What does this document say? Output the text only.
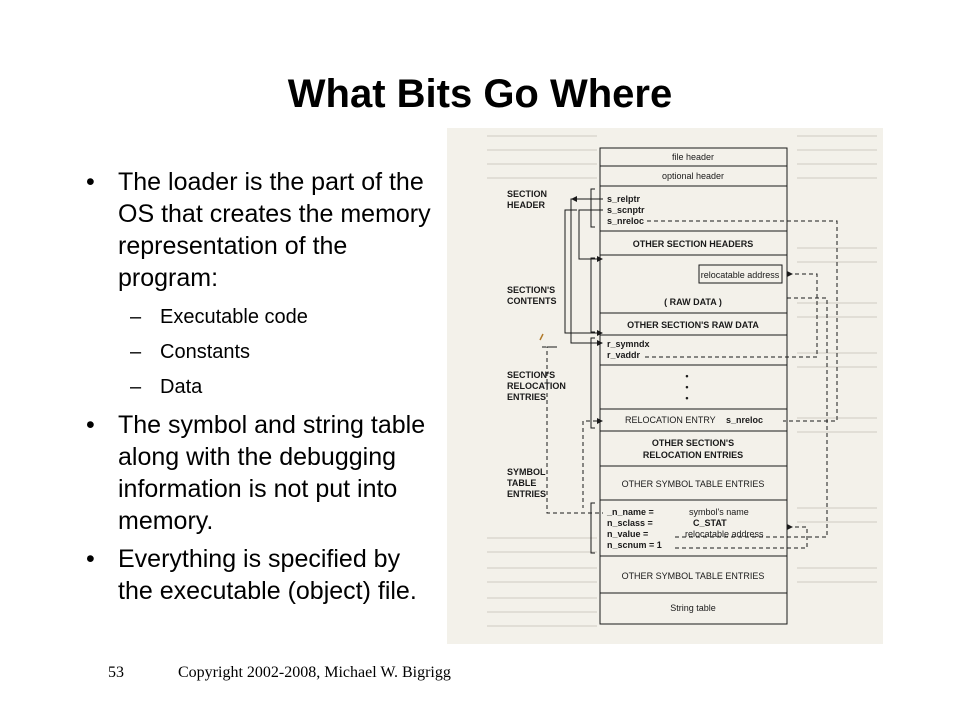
What Bits Go Where
• The loader is the part of the
OS that creates the memory
representation of the
program:
– Executable code
– Constants
– Data
• The symbol and string table
along with the debugging
information is not put into
memory.
• Everything is specified by
the executable (object) file.
file header
optional header
s_relptr
s_scnptr
s_nreloc
OTHER SECTION HEADERS
relocatable address
( RAW DATA )
OTHER SECTION'S RAW DATA
r_symndx
r_vaddr
•
•
•
RELOCATION ENTRY s_nreloc
OTHER SECTION'S
RELOCATION ENTRIES
OTHER SYMBOL TABLE ENTRIES
_n_name =
n_sclass =
n_value =
n_scnum = 1
symbol's name
C_STAT
relocatable address
OTHER SYMBOL TABLE ENTRIES
String table
SECTION
HEADER
SECTION'S
CONTENTS
SECTION'S
RELOCATION
ENTRIES
SYMBOL
TABLE
ENTRIES
53	Copyright 2002-2008, Michael W. Bigrigg
